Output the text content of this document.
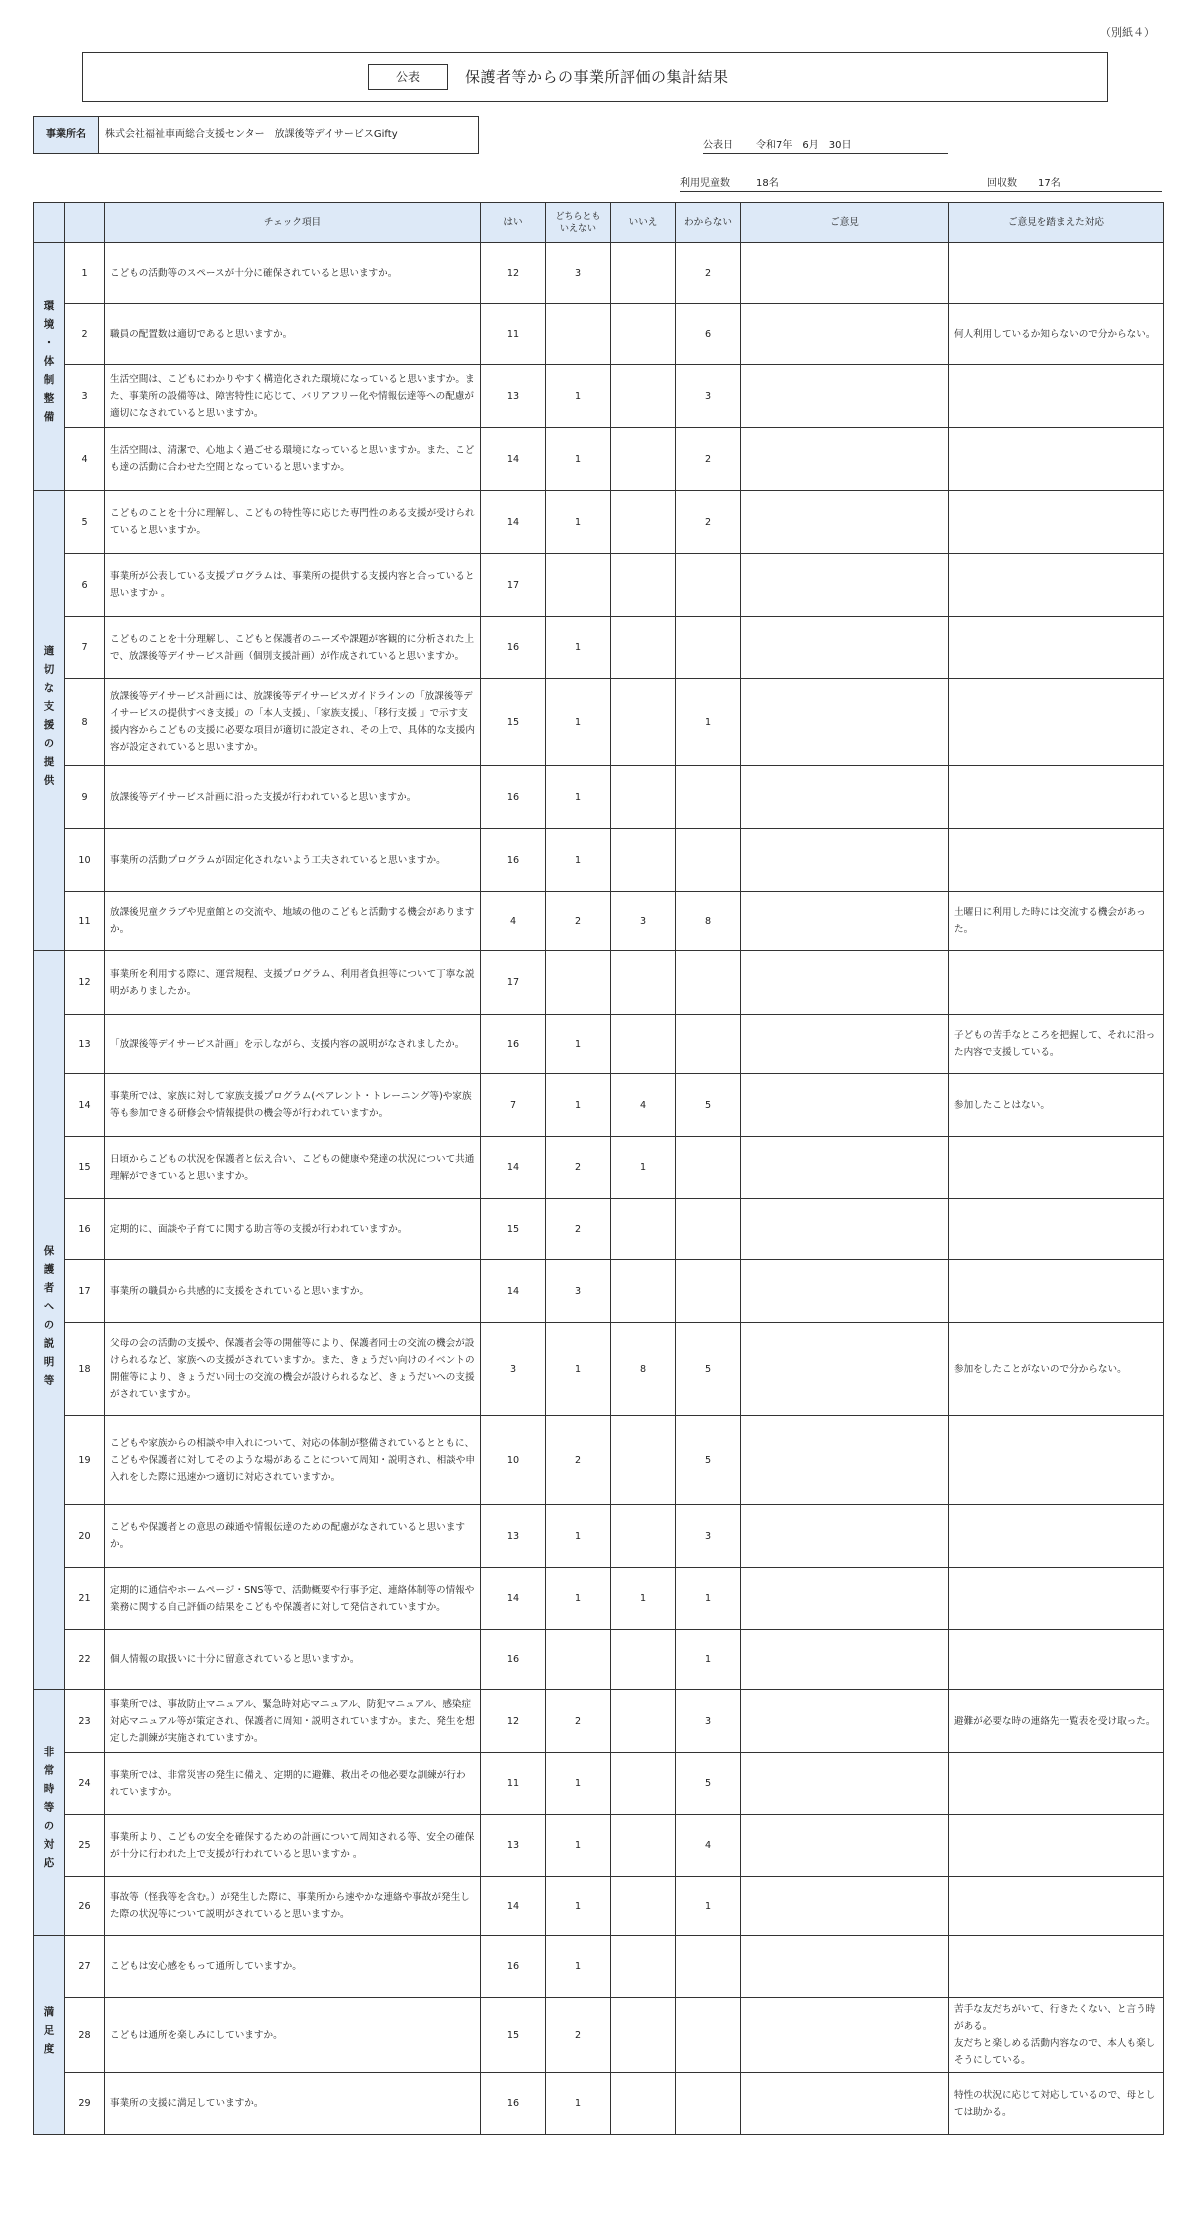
（別紙４）
公表	保護者等からの事業所評価の集計結果
事業所名	株式会社福祉車両総合支援センター　放課後等デイサービスGifty
公表日 令和7年　6月　30日
利用児童数	18名	回収数 17名
		チェック項目	はい	どちらとも
いえない	いいえ	わからない	ご意見	ご意見を踏まえた対応
環境・体制整備	1	こどもの活動等のスペースが十分に確保されていると思いますか。	12	3		2		
	2	職員の配置数は適切であると思いますか。	11			6		何人利用しているか知らないので分からない。
	3	生活空間は、こどもにわかりやすく構造化された環境になっていると思いますか。また、事業所の設備等は、障害特性に応じて、バリアフリー化や情報伝達等への配慮が適切になされていると思いますか。	13	1		3		
	4	生活空間は、清潔で、心地よく過ごせる環境になっていると思いますか。また、こども達の活動に合わせた空間となっていると思いますか。	14	1		2		
適切な支援の提供	5	こどものことを十分に理解し、こどもの特性等に応じた専門性のある支援が受けられていると思いますか。	14	1		2		
	6	事業所が公表している支援プログラムは、事業所の提供する支援内容と合っていると思いますか 。	17					
	7	こどものことを十分理解し、こどもと保護者のニーズや課題が客観的に分析された上で、放課後等デイサービス計画（個別支援計画）が作成されていると思いますか。	16	1				
	8	放課後等デイサービス計画には、放課後等デイサービスガイドラインの「放課後等デイサービスの提供すべき支援」の「本人支援」、「家族支援」、「移行支援 」で示す支援内容からこどもの支援に必要な項目が適切に設定され、その上で、具体的な支援内容が設定されていると思いますか。	15	1		1		
	9	放課後等デイサービス計画に沿った支援が行われていると思いますか。	16	1				
	10	事業所の活動プログラムが固定化されないよう工夫されていると思いますか。	16	1				
	11	放課後児童クラブや児童館との交流や、地域の他のこどもと活動する機会がありますか。	4	2	3	8		土曜日に利用した時には交流する機会があった。
保護者への説明等	12	事業所を利用する際に、運営規程、支援プログラム、利用者負担等について丁寧な説明がありましたか。	17					
	13	「放課後等デイサービス計画」を示しながら、支援内容の説明がなされましたか。	16	1				子どもの苦手なところを把握して、それに沿った内容で支援している。
	14	事業所では、家族に対して家族支援プログラム(ペアレント・トレーニング等)や家族等も参加できる研修会や情報提供の機会等が行われていますか。	7	1	4	5		参加したことはない。
	15	日頃からこどもの状況を保護者と伝え合い、こどもの健康や発達の状況について共通理解ができていると思いますか。	14	2	1			
	16	定期的に、面談や子育てに関する助言等の支援が行われていますか。	15	2				
	17	事業所の職員から共感的に支援をされていると思いますか。	14	3				
	18	父母の会の活動の支援や、保護者会等の開催等により、保護者同士の交流の機会が設けられるなど、家族への支援がされていますか。また、きょうだい向けのイベントの開催等により、きょうだい同士の交流の機会が設けられるなど、きょうだいへの支援がされていますか。	3	1	8	5		参加をしたことがないので分からない。
	19	こどもや家族からの相談や申入れについて、対応の体制が整備されているとともに、こどもや保護者に対してそのような場があることについて周知・説明され、相談や申入れをした際に迅速かつ適切に対応されていますか。	10	2		5		
	20	こどもや保護者との意思の疎通や情報伝達のための配慮がなされていると思いますか。	13	1		3		
	21	定期的に通信やホームページ・SNS等で、活動概要や行事予定、連絡体制等の情報や業務に関する自己評価の結果をこどもや保護者に対して発信されていますか。	14	1	1	1		
	22	個人情報の取扱いに十分に留意されていると思いますか。	16			1		
非常時等の対応	23	事業所では、事故防止マニュアル、緊急時対応マニュアル、防犯マニュアル、感染症対応マニュアル等が策定され、保護者に周知・説明されていますか。また、発生を想定した訓練が実施されていますか。	12	2		3		避難が必要な時の連絡先一覧表を受け取った。
	24	事業所では、非常災害の発生に備え、定期的に避難、救出その他必要な訓練が行われていますか。	11	1		5		
	25	事業所より、こどもの安全を確保するための計画について周知される等、安全の確保が十分に行われた上で支援が行われていると思いますか 。	13	1		4		
	26	事故等（怪我等を含む。）が発生した際に、事業所から速やかな連絡や事故が発生した際の状況等について説明がされていると思いますか。	14	1		1		
満足度	27	こどもは安心感をもって通所していますか。	16	1				
	28	こどもは通所を楽しみにしていますか。	15	2				苦手な友だちがいて、行きたくない、と言う時がある。
友だちと楽しめる活動内容なので、本人も楽しそうにしている。
	29	事業所の支援に満足していますか。	16	1				特性の状況に応じて対応しているので、母としては助かる。
